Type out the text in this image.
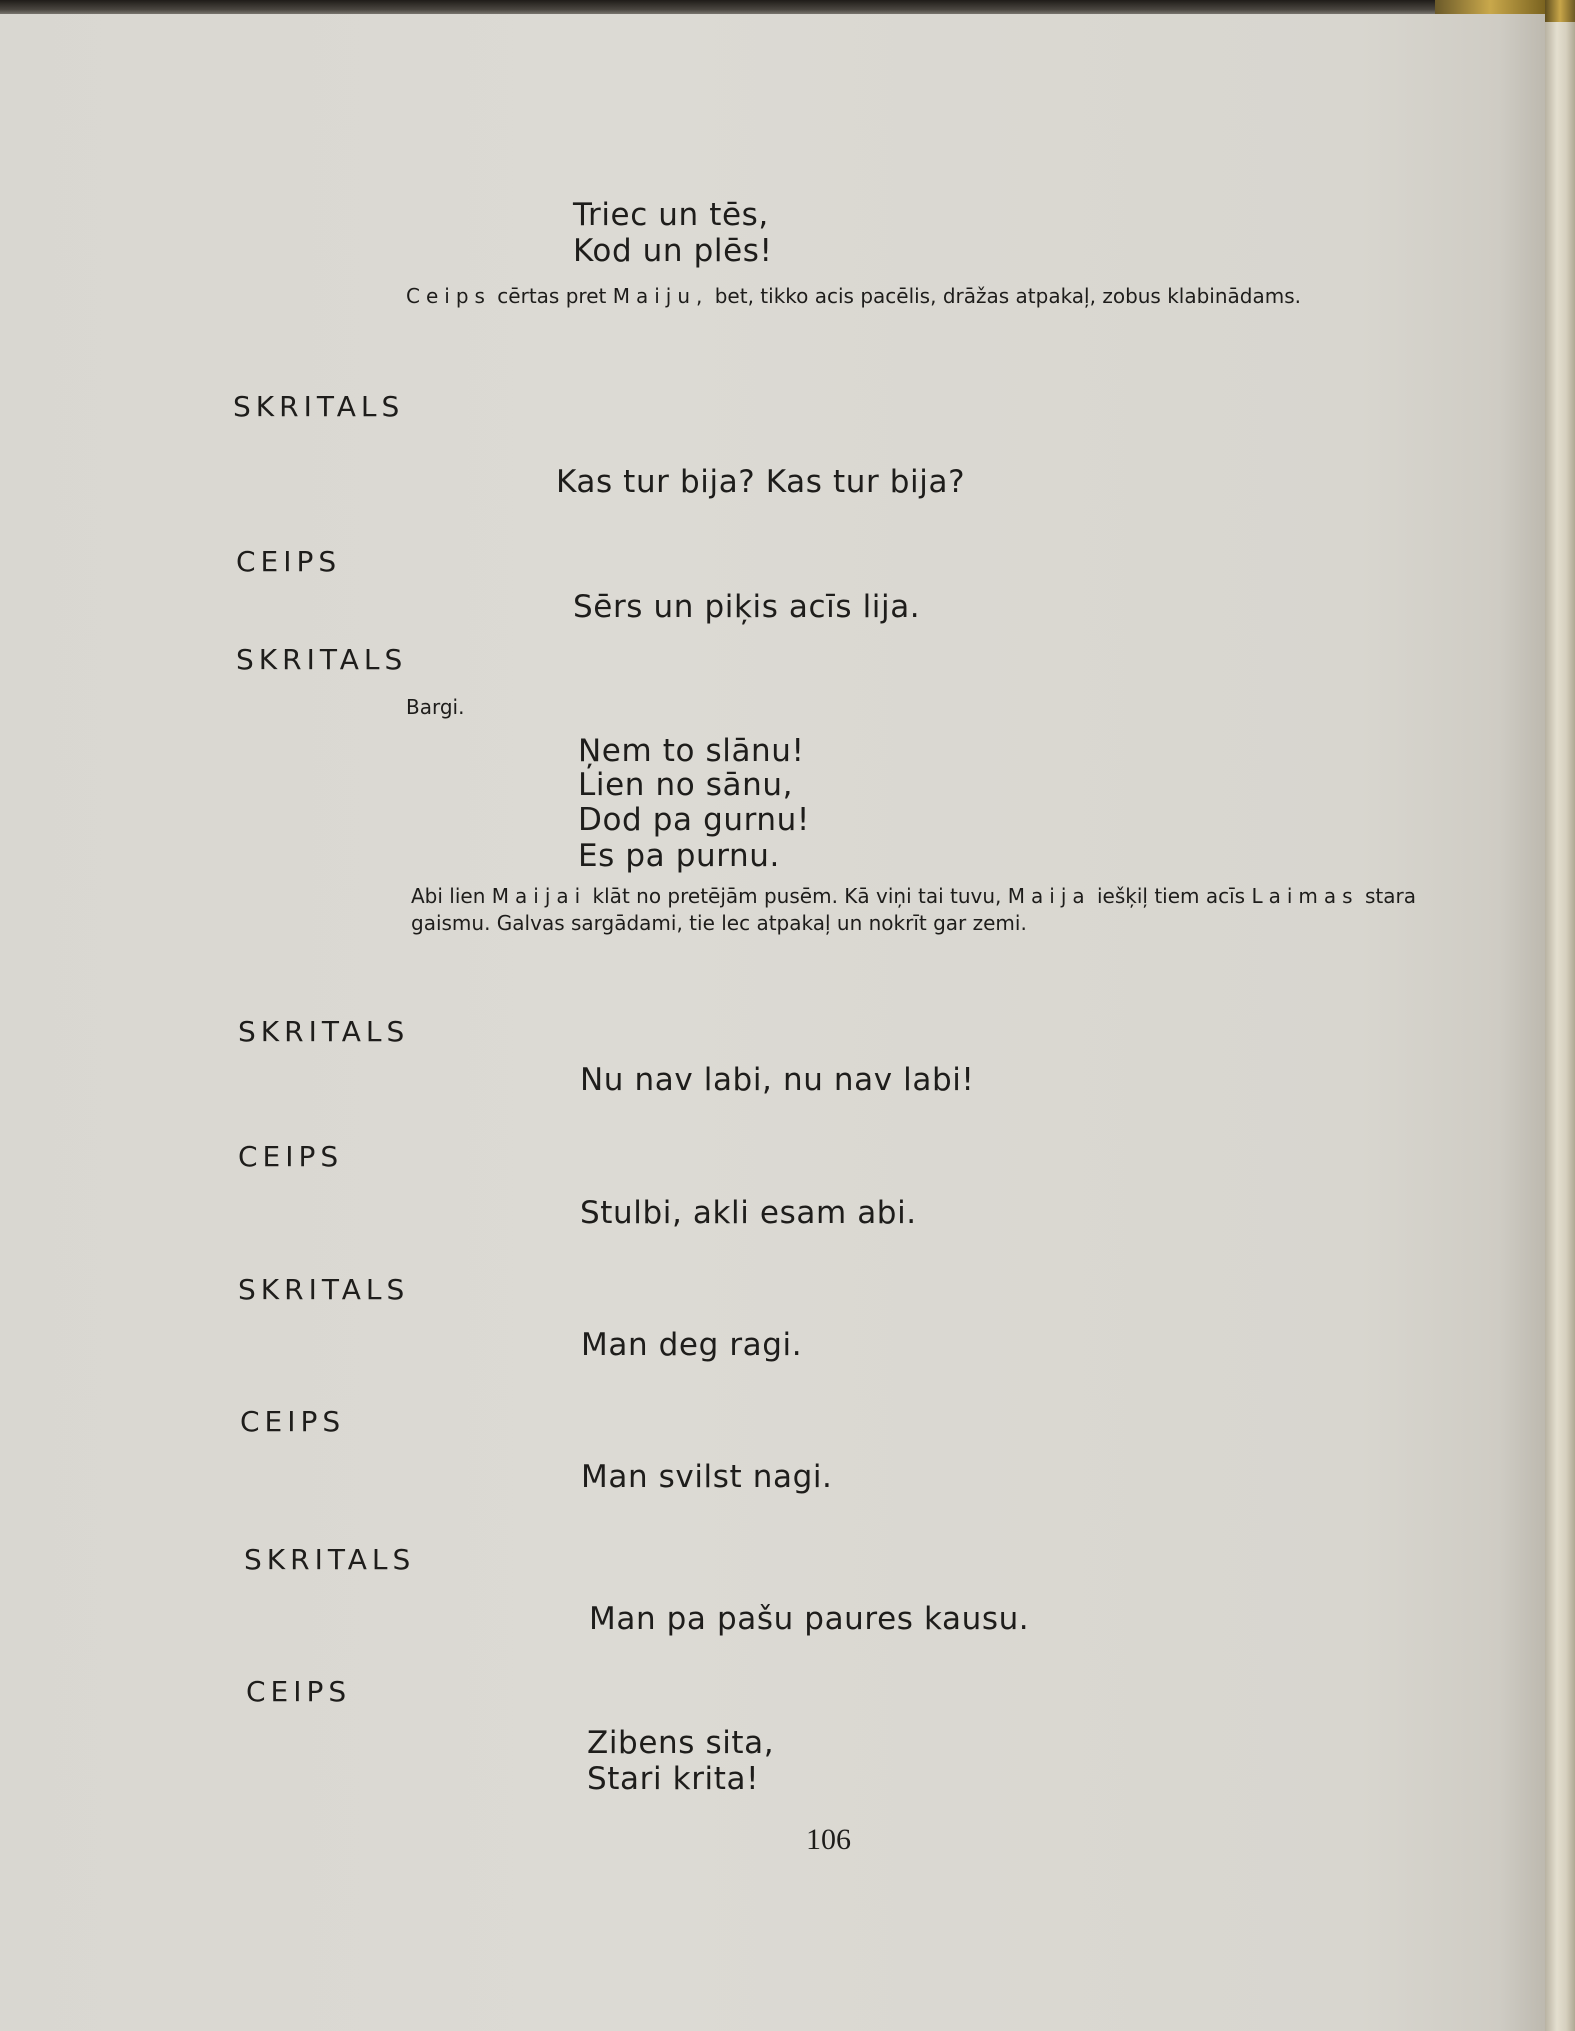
Triec un tēs,
Kod un plēs!
Ceips cērtas pret Maiju, bet, tikko acis pacēlis, drāžas atpakaļ, zobus klabinādams.
SKRITALS
Kas tur bija? Kas tur bija?
CEIPS
Sērs un piķis acīs lija.
SKRITALS
Bargi.
Ņem to slānu!
Lien no sānu,
Dod pa gurnu!
Es pa purnu.
Abi lien Maijai klāt no pretējām pusēm. Kā viņi tai tuvu, Maija iešķiļ tiem acīs Laimas stara gaismu. Galvas sargādami, tie lec atpakaļ un nokrīt gar zemi.
SKRITALS
Nu nav labi, nu nav labi!
CEIPS
Stulbi, akli esam abi.
SKRITALS
Man deg ragi.
CEIPS
Man svilst nagi.
SKRITALS
Man pa pašu paures kausu.
CEIPS
Zibens sita,
Stari krita!
106
